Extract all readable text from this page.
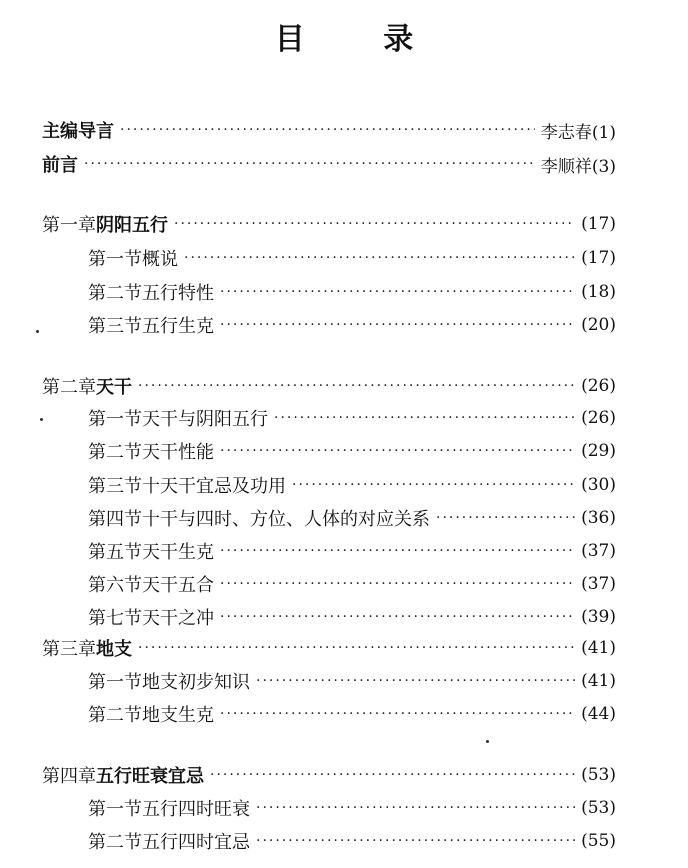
目 录
主编导言 ·····	李志春(1)
前言 ·····	李顺祥(3)
第一章 阴阳五行 ·····	(17)
第一节 概说 ·····	(17)
第二节 五行特性 ·····	(18)
第三节 五行生克 ·····	(20)
第二章 天干 ·····	(26)
第一节 天干与阴阳五行 ·····	(26)
第二节 天干性能 ·····	(29)
第三节 十天干宜忌及功用 ·····	(30)
第四节 十干与四时、方位、人体的对应关系 ·····	(36)
第五节 天干生克 ·····	(37)
第六节 天干五合 ·····	(37)
第七节 天干之冲 ·····	(39)
第三章 地支 ·····	(41)
第一节 地支初步知识 ·····	(41)
第二节 地支生克 ·····	(44)
第四章 五行旺衰宜忌 ·····	(53)
第一节 五行四时旺衰 ·····	(53)
第二节 五行四时宜忌 ·····	(55)
